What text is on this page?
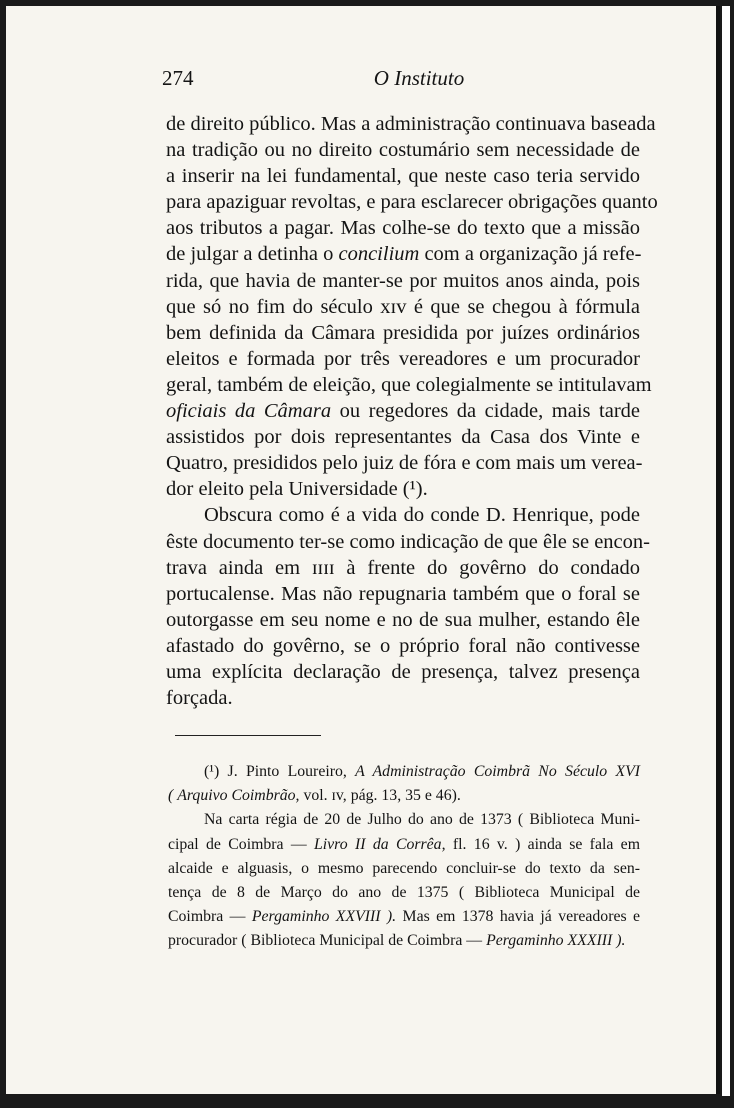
274	O Instituto
de direito público. Mas a administração continuava baseada
na tradição ou no direito costumário sem necessidade de
a inserir na lei fundamental, que neste caso teria servido
para apaziguar revoltas, e para esclarecer obrigações quanto
aos tributos a pagar. Mas colhe-se do texto que a missão
de julgar a detinha o concilium com a organização já refe-
rida, que havia de manter-se por muitos anos ainda, pois
que só no fim do século xɪv é que se chegou à fórmula
bem definida da Câmara presidida por juízes ordinários
eleitos e formada por três vereadores e um procurador
geral, também de eleição, que colegialmente se intitulavam
oficiais da Câmara ou regedores da cidade, mais tarde
assistidos por dois representantes da Casa dos Vinte e
Quatro, presididos pelo juiz de fóra e com mais um verea-
dor eleito pela Universidade (¹).
Obscura como é a vida do conde D. Henrique, pode
êste documento ter-se como indicação de que êle se encon-
trava ainda em ɪɪɪɪ à frente do govêrno do condado
portucalense. Mas não repugnaria também que o foral se
outorgasse em seu nome e no de sua mulher, estando êle
afastado do govêrno, se o próprio foral não contivesse
uma explícita declaração de presença, talvez presença
forçada.
(¹) J. Pinto Loureiro, A Administração Coimbrã No Século XVI
( Arquivo Coimbrão, vol. ɪv, pág. 13, 35 e 46).
Na carta régia de 20 de Julho do ano de 1373 ( Biblioteca Muni-
cipal de Coimbra — Livro II da Corrêa, fl. 16 v. ) ainda se fala em
alcaide e alguasis, o mesmo parecendo concluir-se do texto da sen-
tença de 8 de Março do ano de 1375 ( Biblioteca Municipal de
Coimbra — Pergaminho XXVIII ). Mas em 1378 havia já vereadores e
procurador ( Biblioteca Municipal de Coimbra — Pergaminho XXXIII ).
